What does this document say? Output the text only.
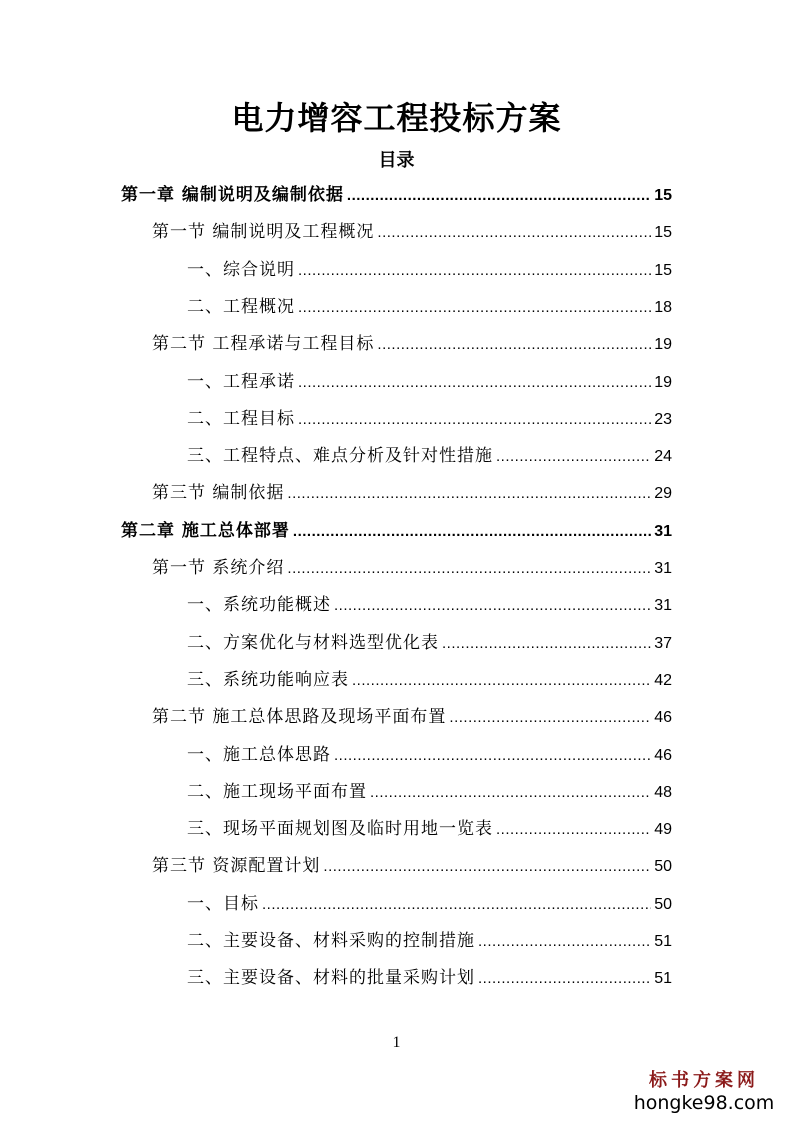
电力增容工程投标方案
目录
第一章 编制说明及编制依据 .....	15
第一节 编制说明及工程概况 .....	15
一、综合说明 .....	15
二、工程概况 .....	18
第二节 工程承诺与工程目标 .....	19
一、工程承诺 .....	19
二、工程目标 .....	23
三、工程特点、难点分析及针对性措施 .....	24
第三节 编制依据 .....	29
第二章 施工总体部署 .....	31
第一节 系统介绍 .....	31
一、系统功能概述 .....	31
二、方案优化与材料选型优化表 .....	37
三、系统功能响应表 .....	42
第二节 施工总体思路及现场平面布置 .....	46
一、施工总体思路 .....	46
二、施工现场平面布置 .....	48
三、现场平面规划图及临时用地一览表 .....	49
第三节 资源配置计划 .....	50
一、目标 .....	50
二、主要设备、材料采购的控制措施 .....	51
三、主要设备、材料的批量采购计划 .....	51
1
标书方案网
hongke98.com
